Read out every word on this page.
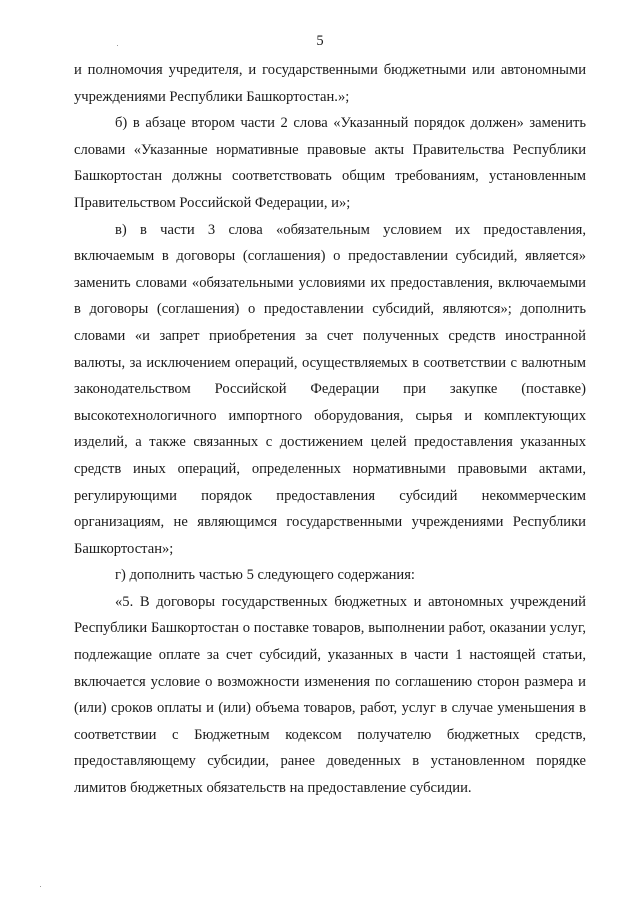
5

и полномочия учредителя, и государственными бюджетными или автономными учреждениями Республики Башкортостан.»;

б) в абзаце втором части 2 слова «Указанный порядок должен» заменить словами «Указанные нормативные правовые акты Правительства Республики Башкортостан должны соответствовать общим требованиям, установленным Правительством Российской Федерации, и»;

в) в части 3 слова «обязательным условием их предоставления, включаемым в договоры (соглашения) о предоставлении субсидий, является» заменить словами «обязательными условиями их предоставления, включаемыми в договоры (соглашения) о предоставлении субсидий, являются»; дополнить словами «и запрет приобретения за счет полученных средств иностранной валюты, за исключением операций, осуществляемых в соответствии с валютным законодательством Российской Федерации при закупке (поставке) высокотехнологичного импортного оборудования, сырья и комплектующих изделий, а также связанных с достижением целей предоставления указанных средств иных операций, определенных нормативными правовыми актами, регулирующими порядок предоставления субсидий некоммерческим организациям, не являющимся государственными учреждениями Республики Башкортостан»;

г) дополнить частью 5 следующего содержания:

«5. В договоры государственных бюджетных и автономных учреждений Республики Башкортостан о поставке товаров, выполнении работ, оказании услуг, подлежащие оплате за счет субсидий, указанных в части 1 настоящей статьи, включается условие о возможности изменения по соглашению сторон размера и (или) сроков оплаты и (или) объема товаров, работ, услуг в случае уменьшения в соответствии с Бюджетным кодексом получателю бюджетных средств, предоставляющему субсидии, ранее доведенных в установленном порядке лимитов бюджетных обязательств на предоставление субсидии.
